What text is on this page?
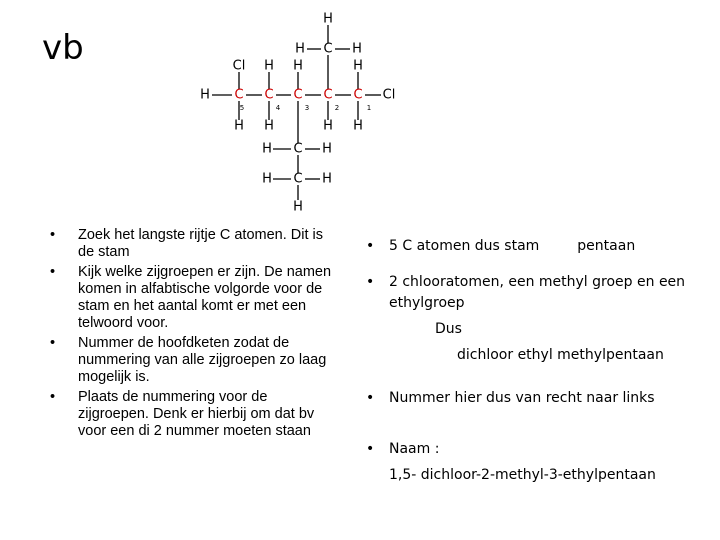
vb
C C C C C
H	Cl
Cl H H	H
H H	H H
H
H C H
H C H
H C H
H
5	4	3	2	1
• Zoek het langste rijtje C atomen. Dit is de stam
• Kijk welke zijgroepen er zijn. De namen komen in alfabtische volgorde voor de stam en het aantal komt er met een telwoord voor.
• Nummer de hoofdketen zodat de nummering van alle zijgroepen zo laag mogelijk is.
• Plaats de nummering voor de zijgroepen. Denk er hierbij om dat bv voor een di 2 nummer moeten staan
• 5 C atomen dus stam	pentaan
• 2 chlooratomen, een methyl groep en een ethylgroep
Dus
dichloor ethyl methylpentaan
• Nummer hier dus van recht naar links
• Naam :
1,5- dichloor-2-methyl-3-ethylpentaan
